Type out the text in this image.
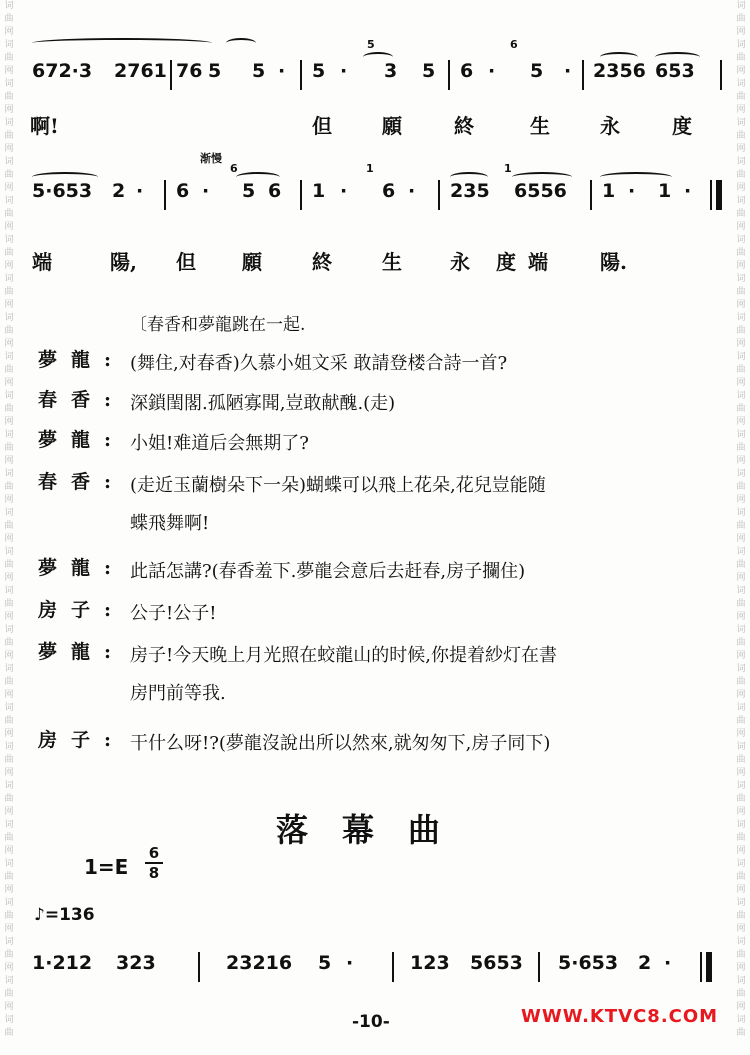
词
曲
网
词
曲
网
词
曲
网
词
曲
网
词
曲
网
词
曲
网
词
曲
网
词
曲
网
词
曲
网
词
曲
网
词
曲
网
词
曲
网
词
曲
网
词
曲
网
词
曲
网
词
曲
网
词
曲
网
词
曲
网
词
曲
网
词
曲
网
词
曲
网
词
曲
网
词
曲
网
词
曲
网
词
曲
网
词
曲
网
词
曲
词
曲
网
词
曲
网
词
曲
网
词
曲
网
词
曲
网
词
曲
网
词
曲
网
词
曲
网
词
曲
网
词
曲
网
词
曲
网
词
曲
网
词
曲
网
词
曲
网
词
曲
网
词
曲
网
词
曲
网
词
曲
网
词
曲
网
词
曲
网
词
曲
网
词
曲
网
词
曲
网
词
曲
网
词
曲
网
词
曲
网
词
曲
5	6
672·3 2761 76 5 5 · 5 · 3 5 6 · 5 · 2356 653
啊!	但	願	終	生	永	度
渐慢
6	1	1
5·653 2 · 6 · 5 6 1 · 6 · 235 6556 1 · 1 ·
端	陽, 但 願	終	生 永 度 端	陽.
〔春香和夢龍跳在一起.
夢龍: (舞住,对春香)久慕小姐文采 敢請登楼合詩一首?
春香: 深鎖閨閣.孤陋寡聞,豈敢献醜.(走)
夢龍: 小姐!难道后会無期了?
春香: (走近玉蘭樹朵下一朵)蝴蝶可以飛上花朵,花兒豈能随
蝶飛舞啊!
夢龍: 此話怎講?(春香羞下.夢龍会意后去赶春,房子攔住)
房子: 公子!公子!
夢龍: 房子!今天晚上月光照在蛟龍山的时候,你提着紗灯在書
房門前等我.
房子: 干什么呀!?(夢龍沒說出所以然來,就匆匆下,房子同下)
落幕曲
1=E
6
8
♪=136
1·212 323	23216 5 ·	123 5653 5·653 2 ·
-10-	WWW.KTVC8.COM
